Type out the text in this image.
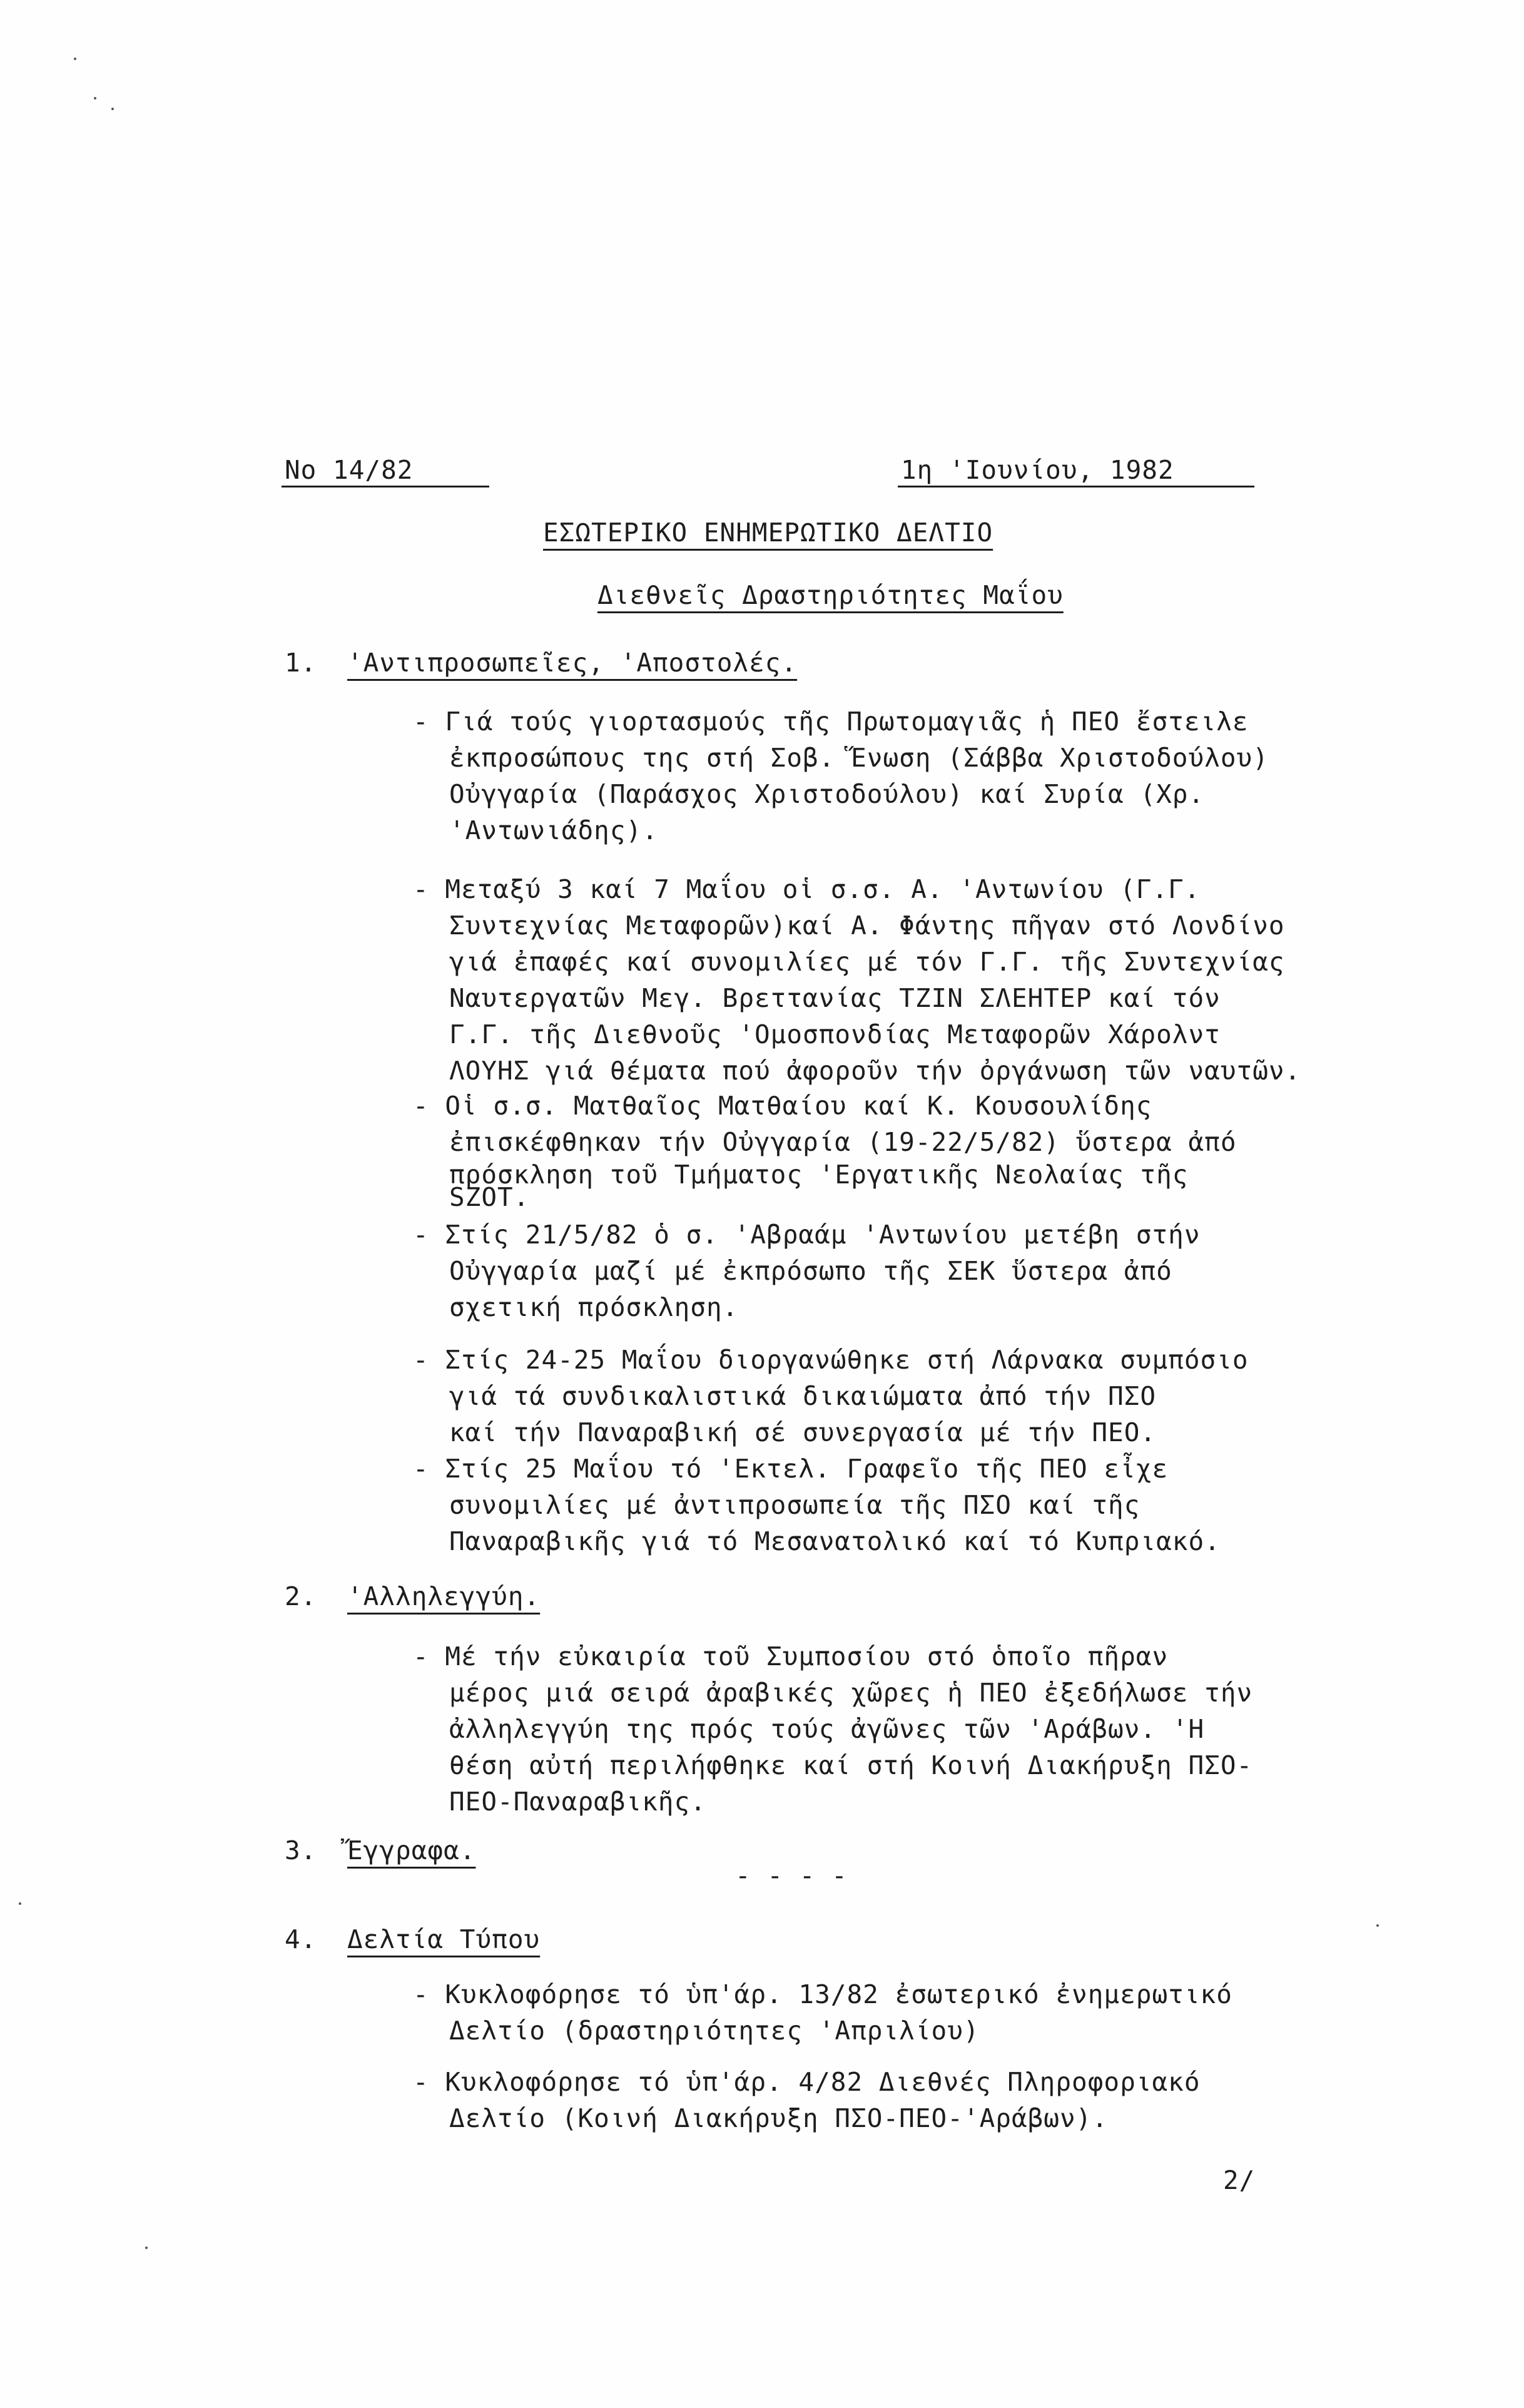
No 14/82	1η 'Ιουνίου, 1982
ΕΣΩΤΕΡΙΚΟ ΕΝΗΜΕΡΩΤΙΚΟ ΔΕΛΤΙΟ
Διεθνεῖς Δραστηριότητες Μαΐου
1. 'Αντιπροσωπεῖες, 'Αποστολές.
- Γιά τούς γιορτασμούς τῆς Πρωτομαγιᾶς ἡ ΠΕΟ ἔστειλε
ἐκπροσώπους της στή Σοβ. Ἕνωση (Σάββα Χριστοδούλου)
Οὐγγαρία (Παράσχος Χριστοδούλου) καί Συρία (Χρ.
'Αντωνιάδης).
- Μεταξύ 3 καί 7 Μαΐου οἱ σ.σ. Α. 'Αντωνίου (Γ.Γ.
Συντεχνίας Μεταφορῶν)καί Α. Φάντης πῆγαν στό Λονδίνο
γιά ἐπαφές καί συνομιλίες μέ τόν Γ.Γ. τῆς Συντεχνίας
Ναυτεργατῶν Μεγ. Βρεττανίας ΤΖΙΝ ΣΛΕΗΤΕΡ καί τόν
Γ.Γ. τῆς Διεθνοῦς 'Ομοσπονδίας Μεταφορῶν Χάρολντ
ΛΟΥΗΣ γιά θέματα πού ἀφοροῦν τήν ὀργάνωση τῶν ναυτῶν.
- Οἱ σ.σ. Ματθαῖος Ματθαίου καί Κ. Κουσουλίδης
ἐπισκέφθηκαν τήν Οὐγγαρία (19-22/5/82) ὕστερα ἀπό
πρόσκληση τοῦ Τμήματος 'Εργατικῆς Νεολαίας τῆς
SZOT.
- Στίς 21/5/82 ὁ σ. 'Αβραάμ 'Αντωνίου μετέβη στήν
Οὐγγαρία μαζί μέ ἐκπρόσωπο τῆς ΣΕΚ ὕστερα ἀπό
σχετική πρόσκληση.
- Στίς 24-25 Μαΐου διοργανώθηκε στή Λάρνακα συμπόσιο
γιά τά συνδικαλιστικά δικαιώματα ἀπό τήν ΠΣΟ
καί τήν Παναραβική σέ συνεργασία μέ τήν ΠΕΟ.
- Στίς 25 Μαΐου τό 'Εκτελ. Γραφεῖο τῆς ΠΕΟ εἶχε
συνομιλίες μέ ἀντιπροσωπεία τῆς ΠΣΟ καί τῆς
Παναραβικῆς γιά τό Μεσανατολικό καί τό Κυπριακό.
2. 'Αλληλεγγύη.
- Μέ τήν εὐκαιρία τοῦ Συμποσίου στό ὁποῖο πῆραν
μέρος μιά σειρά ἀραβικές χῶρες ἡ ΠΕΟ ἐξεδήλωσε τήν
ἀλληλεγγύη της πρός τούς ἀγῶνες τῶν 'Αράβων. 'Η
θέση αὐτή περιλήφθηκε καί στή Κοινή Διακήρυξη ΠΣΟ-
ΠΕΟ-Παναραβικῆς.
3. Ἔγγραφα.
- - - -
4. Δελτία Τύπου
- Κυκλοφόρησε τό ὑπ'άρ. 13/82 ἐσωτερικό ἐνημερωτικό
Δελτίο (δραστηριότητες 'Απριλίου)
- Κυκλοφόρησε τό ὑπ'άρ. 4/82 Διεθνές Πληροφοριακό
Δελτίο (Κοινή Διακήρυξη ΠΣΟ-ΠΕΟ-'Αράβων).
2/
